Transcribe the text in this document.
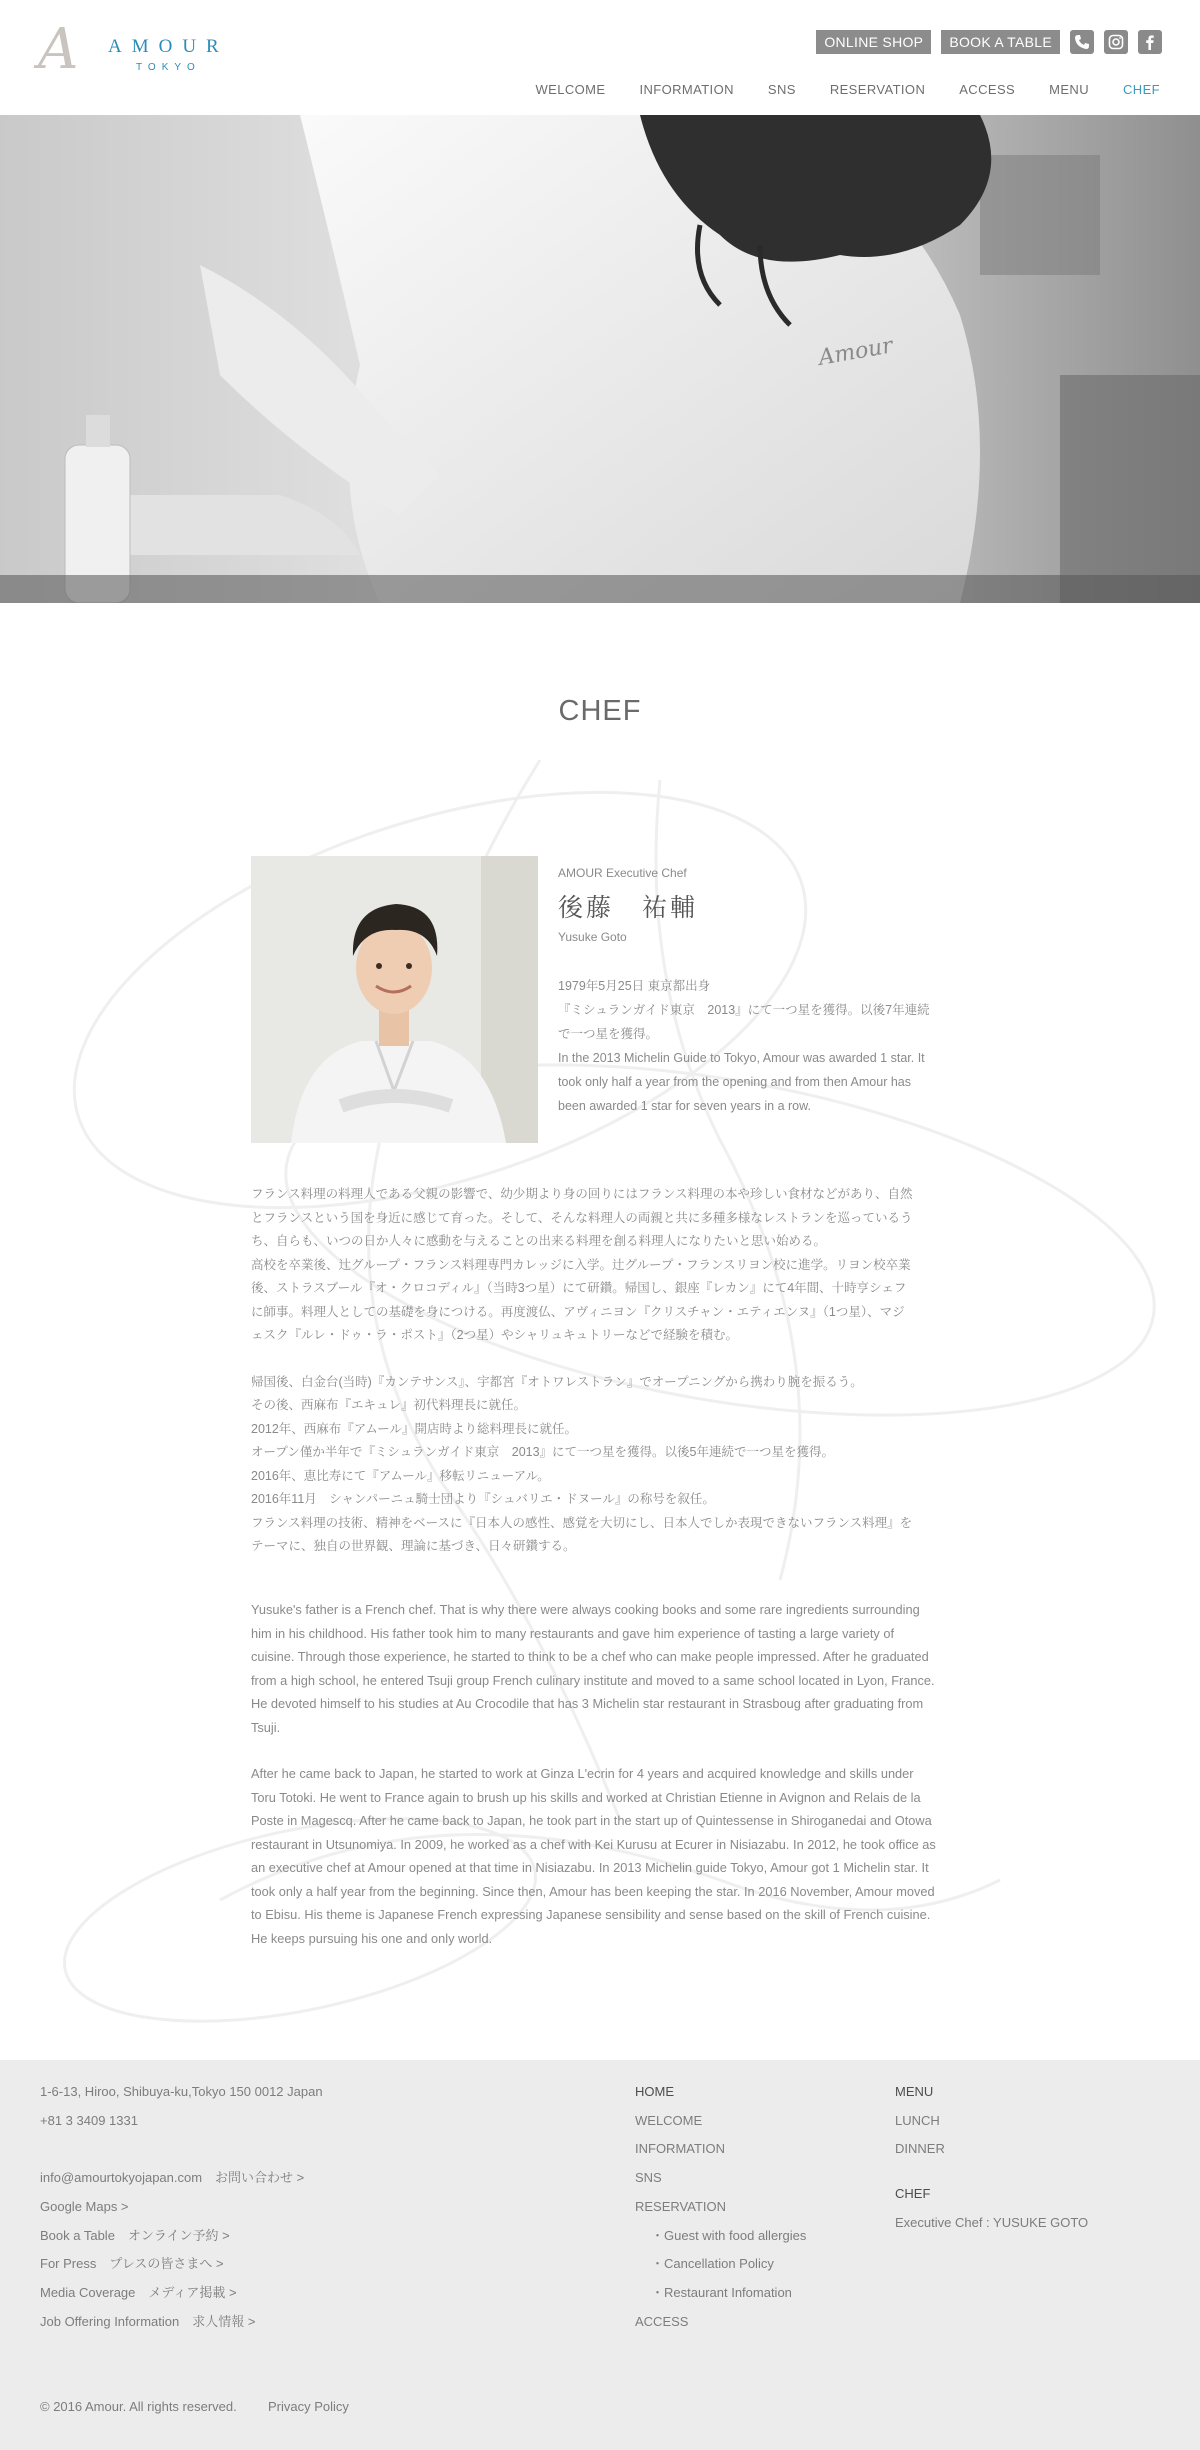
A AMOUR
TOKYO
ONLINE SHOP	BOOK A TABLE
WELCOME	INFORMATION	SNS	RESERVATION	ACCESS	MENU	CHEF
Amour
CHEF
AMOUR Executive Chef
後藤　祐輔
Yusuke Goto
1979年5月25日 東京都出身
『ミシュランガイド東京　2013』にて一つ星を獲得。以後7年連続
で一つ星を獲得。
In the 2013 Michelin Guide to Tokyo, Amour was awarded 1 star. It
took only half a year from the opening and from then Amour has
been awarded 1 star for seven years in a row.

フランス料理の料理人である父親の影響で、幼少期より身の回りにはフランス料理の本や珍しい食材などがあり、自然
とフランスという国を身近に感じて育った。そして、そんな料理人の両親と共に多種多様なレストランを巡っているう
ち、自らも、いつの日か人々に感動を与えることの出来る料理を創る料理人になりたいと思い始める。
高校を卒業後、辻グループ・フランス料理専門カレッジに入学。辻グループ・フランスリヨン校に進学。リヨン校卒業
後、ストラスブール『オ・クロコディル』（当時3つ星）にて研鑽。帰国し、銀座『レカン』にて4年間、十時亨シェフ
に師事。料理人としての基礎を身につける。再度渡仏、アヴィニヨン『クリスチャン・エティエンヌ』（1つ星）、マジ
ェスク『ルレ・ドゥ・ラ・ポスト』（2つ星）やシャリュキュトリーなどで経験を積む。

帰国後、白金台(当時)『カンテサンス』、宇都宮『オトワレストラン』でオープニングから携わり腕を振るう。
その後、西麻布『エキュレ』初代料理長に就任。
2012年、西麻布『アムール』開店時より総料理長に就任。
オープン僅か半年で『ミシュランガイド東京　2013』にて一つ星を獲得。以後5年連続で一つ星を獲得。
2016年、恵比寿にて『アムール』移転リニューアル。
2016年11月　シャンパーニュ騎士団より『シュバリエ・ドヌール』の称号を叙任。
フランス料理の技術、精神をベースに『日本人の感性、感覚を大切にし、日本人でしか表現できないフランス料理』を
テーマに、独自の世界観、理論に基づき、日々研鑽する。

Yusuke's father is a French chef. That is why there were always cooking books and some rare ingredients surrounding
him in his childhood. His father took him to many restaurants and gave him experience of tasting a large variety of
cuisine. Through those experience, he started to think to be a chef who can make people impressed. After he graduated
from a high school, he entered Tsuji group French culinary institute and moved to a same school located in Lyon, France.
He devoted himself to his studies at Au Crocodile that has 3 Michelin star restaurant in Strasboug after graduating from
Tsuji.

After he came back to Japan, he started to work at Ginza L'ecrin for 4 years and acquired knowledge and skills under
Toru Totoki. He went to France again to brush up his skills and worked at Christian Etienne in Avignon and Relais de la
Poste in Magescq. After he came back to Japan, he took part in the start up of Quintessense in Shiroganedai and Otowa
restaurant in Utsunomiya. In 2009, he worked as a chef with Kei Kurusu at Ecurer in Nisiazabu. In 2012, he took office as
an executive chef at Amour opened at that time in Nisiazabu. In 2013 Michelin guide Tokyo, Amour got 1 Michelin star. It
took only a half year from the beginning. Since then, Amour has been keeping the star. In 2016 November, Amour moved
to Ebisu. His theme is Japanese French expressing Japanese sensibility and sense based on the skill of French cuisine.
He keeps pursuing his one and only world.

1-6-13, Hiroo, Shibuya-ku,Tokyo 150 0012 Japan
+81 3 3409 1331
info@amourtokyojapan.com　お問い合わせ >
Google Maps >
Book a Table　オンライン予約 >
For Press　プレスの皆さまへ >
Media Coverage　メディア掲載 >
Job Offering Information　求人情報 >
HOME
WELCOME
INFORMATION
SNS
RESERVATION
・Guest with food allergies
・Cancellation Policy
・Restaurant Infomation
ACCESS
MENU
LUNCH
DINNER
CHEF
Executive Chef : YUSUKE GOTO
© 2016 Amour. All rights reserved. Privacy Policy
